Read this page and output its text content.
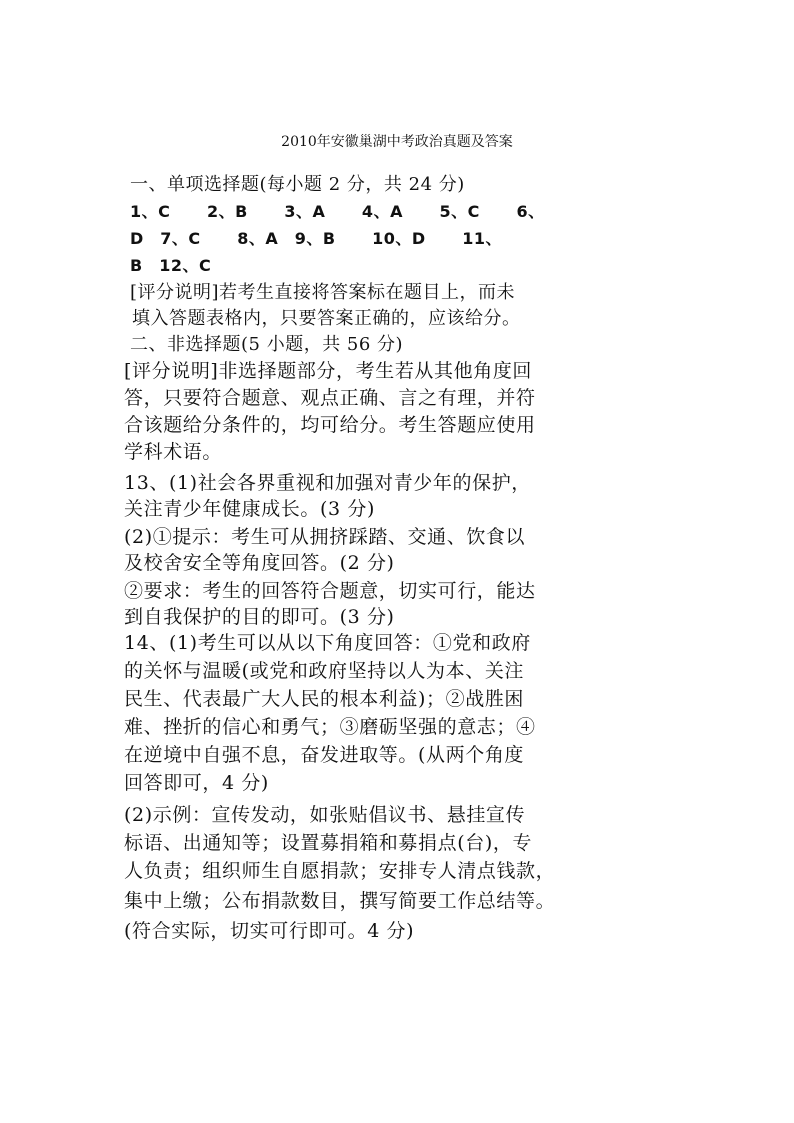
2010年安徽巢湖中考政治真题及答案
一、单项选择题(每小题 2 分，共 24 分)
1、C　 2、B　 3、A　 4、A　 5、C　 6、
D　7、C　 8、A　9、B　 10、D　 11、
B　12、C
[评分说明]若考生直接将答案标在题目上，而未
填入答题表格内，只要答案正确的，应该给分。
二、非选择题(5 小题，共 56 分)
[评分说明]非选择题部分，考生若从其他角度回
答，只要符合题意、观点正确、言之有理，并符
合该题给分条件的，均可给分。考生答题应使用
学科术语。
13、(1)社会各界重视和加强对青少年的保护，
关注青少年健康成长。(3 分)
(2)①提示：考生可从拥挤踩踏、交通、饮食以
及校舍安全等角度回答。(2 分)
②要求：考生的回答符合题意，切实可行，能达
到自我保护的目的即可。(3 分)
14、(1)考生可以从以下角度回答：①党和政府
的关怀与温暖(或党和政府坚持以人为本、关注
民生、代表最广大人民的根本利益)；②战胜困
难、挫折的信心和勇气；③磨砺坚强的意志；④
在逆境中自强不息，奋发进取等。(从两个角度
回答即可，4 分)
(2)示例：宣传发动，如张贴倡议书、悬挂宣传
标语、出通知等；设置募捐箱和募捐点(台)，专
人负责；组织师生自愿捐款；安排专人清点钱款，
集中上缴；公布捐款数目，撰写简要工作总结等。
(符合实际，切实可行即可。4 分)
